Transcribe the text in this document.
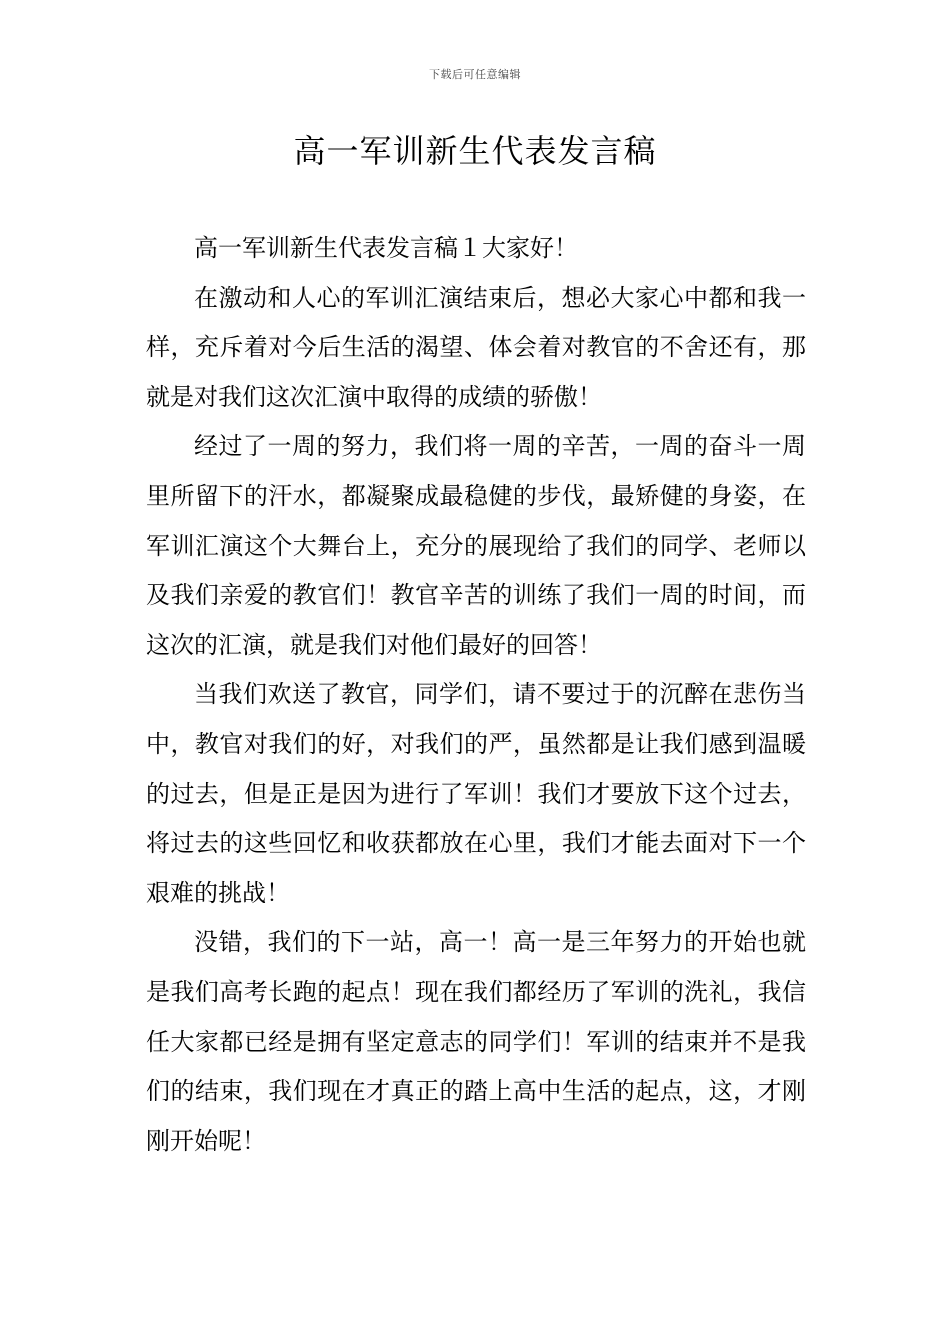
下载后可任意编辑
高一军训新生代表发言稿

高一军训新生代表发言稿１大家好！

在激动和人心的军训汇演结束后，想必大家心中都和我一样，充斥着对今后生活的渴望、体会着对教官的不舍还有，那就是对我们这次汇演中取得的成绩的骄傲！

经过了一周的努力，我们将一周的辛苦，一周的奋斗一周里所留下的汗水，都凝聚成最稳健的步伐，最矫健的身姿，在军训汇演这个大舞台上，充分的展现给了我们的同学、老师以及我们亲爱的教官们！教官辛苦的训练了我们一周的时间，而这次的汇演，就是我们对他们最好的回答！

当我们欢送了教官，同学们，请不要过于的沉醉在悲伤当中，教官对我们的好，对我们的严，虽然都是让我们感到温暖的过去，但是正是因为进行了军训！我们才要放下这个过去，将过去的这些回忆和收获都放在心里，我们才能去面对下一个艰难的挑战！

没错，我们的下一站，高一！高一是三年努力的开始也就是我们高考长跑的起点！现在我们都经历了军训的洗礼，我信任大家都已经是拥有坚定意志的同学们！军训的结束并不是我们的结束，我们现在才真正的踏上高中生活的起点，这，才刚刚开始呢！
